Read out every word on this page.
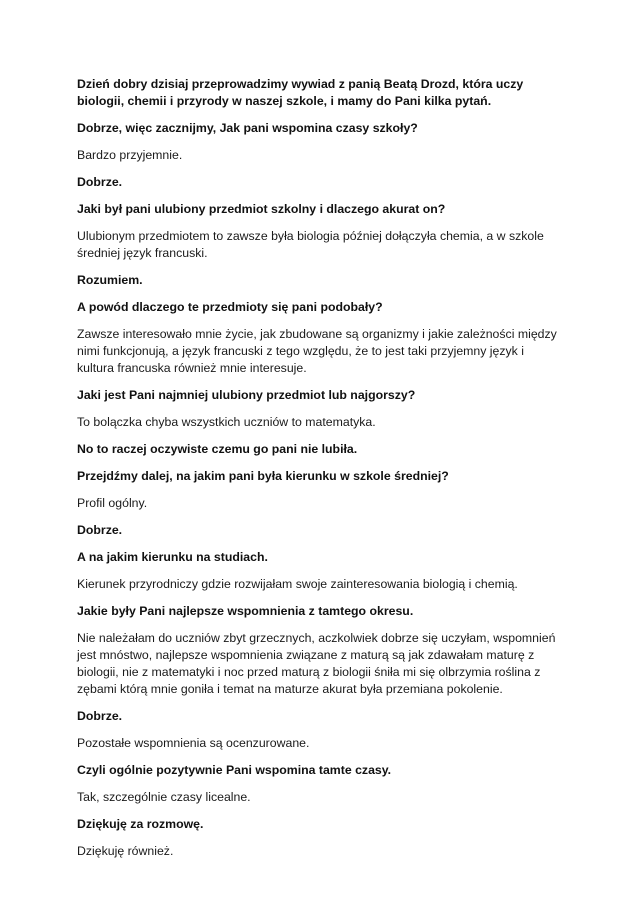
Dzień dobry dzisiaj przeprowadzimy wywiad z panią Beatą Drozd, która uczy biologii, chemii i przyrody w naszej szkole, i mamy do Pani kilka pytań.

Dobrze, więc zacznijmy, Jak pani wspomina czasy szkoły?

Bardzo przyjemnie.

Dobrze.

Jaki był pani ulubiony przedmiot szkolny i dlaczego akurat on?

Ulubionym przedmiotem to zawsze była biologia później dołączyła chemia, a w szkole średniej język francuski.

Rozumiem.

A powód dlaczego te przedmioty się pani podobały?

Zawsze interesowało mnie życie, jak zbudowane są organizmy i jakie zależności między nimi funkcjonują, a język francuski z tego względu, że to jest taki przyjemny język i kultura francuska również mnie interesuje.

Jaki jest Pani najmniej ulubiony przedmiot lub najgorszy?

To bolączka chyba wszystkich uczniów to matematyka.

No to raczej oczywiste czemu go pani nie lubiła.

Przejdźmy dalej, na jakim pani była kierunku w szkole średniej?

Profil ogólny.

Dobrze.

A na jakim kierunku na studiach.

Kierunek przyrodniczy gdzie rozwijałam swoje zainteresowania biologią i chemią.

Jakie były Pani najlepsze wspomnienia z tamtego okresu.

Nie należałam do uczniów zbyt grzecznych, aczkolwiek dobrze się uczyłam, wspomnień jest mnóstwo, najlepsze wspomnienia związane z maturą są jak zdawałam maturę z biologii, nie z matematyki i noc przed maturą z biologii śniła mi się olbrzymia roślina z zębami którą mnie goniła i temat na maturze akurat była przemiana pokolenie.

Dobrze.

Pozostałe wspomnienia są ocenzurowane.

Czyli ogólnie pozytywnie Pani wspomina tamte czasy.

Tak, szczególnie czasy licealne.

Dziękuję za rozmowę.

Dziękuję również.
